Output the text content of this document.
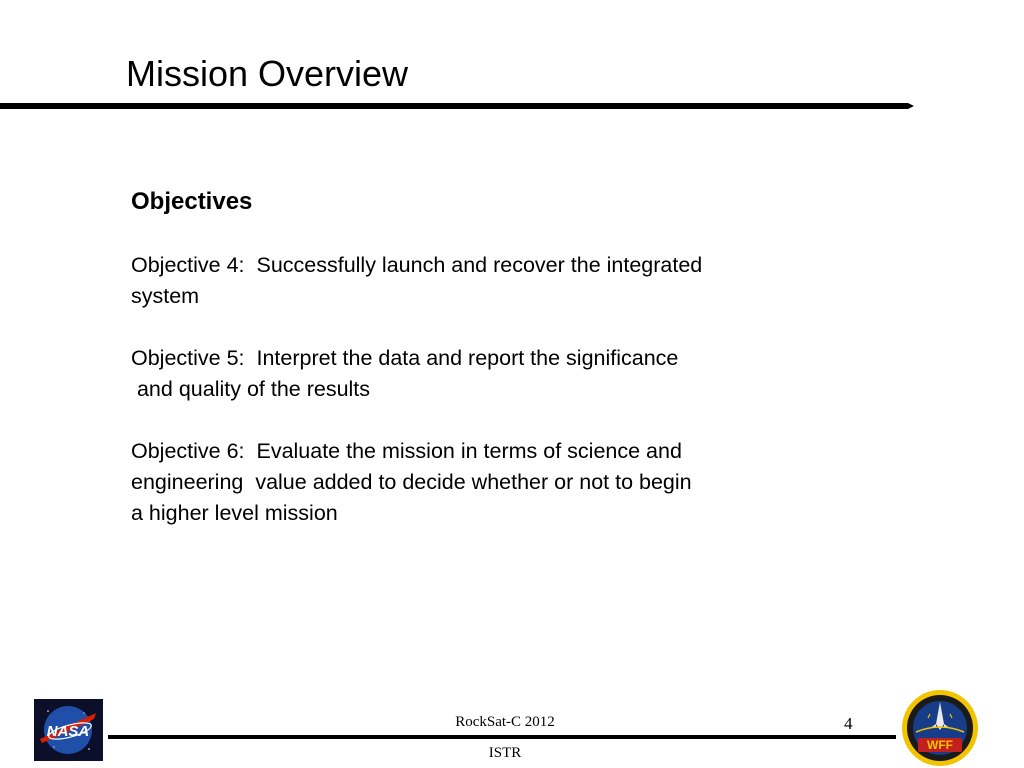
Mission Overview
Objectives
Objective 4:  Successfully launch and recover the integrated
system
Objective 5:  Interpret the data and report the significance
and quality of the results
Objective 6:  Evaluate the mission in terms of science and
engineering  value added to decide whether or not to begin
a higher level mission
NASA
RockSat-C 2012	4
ISTR	WFF
